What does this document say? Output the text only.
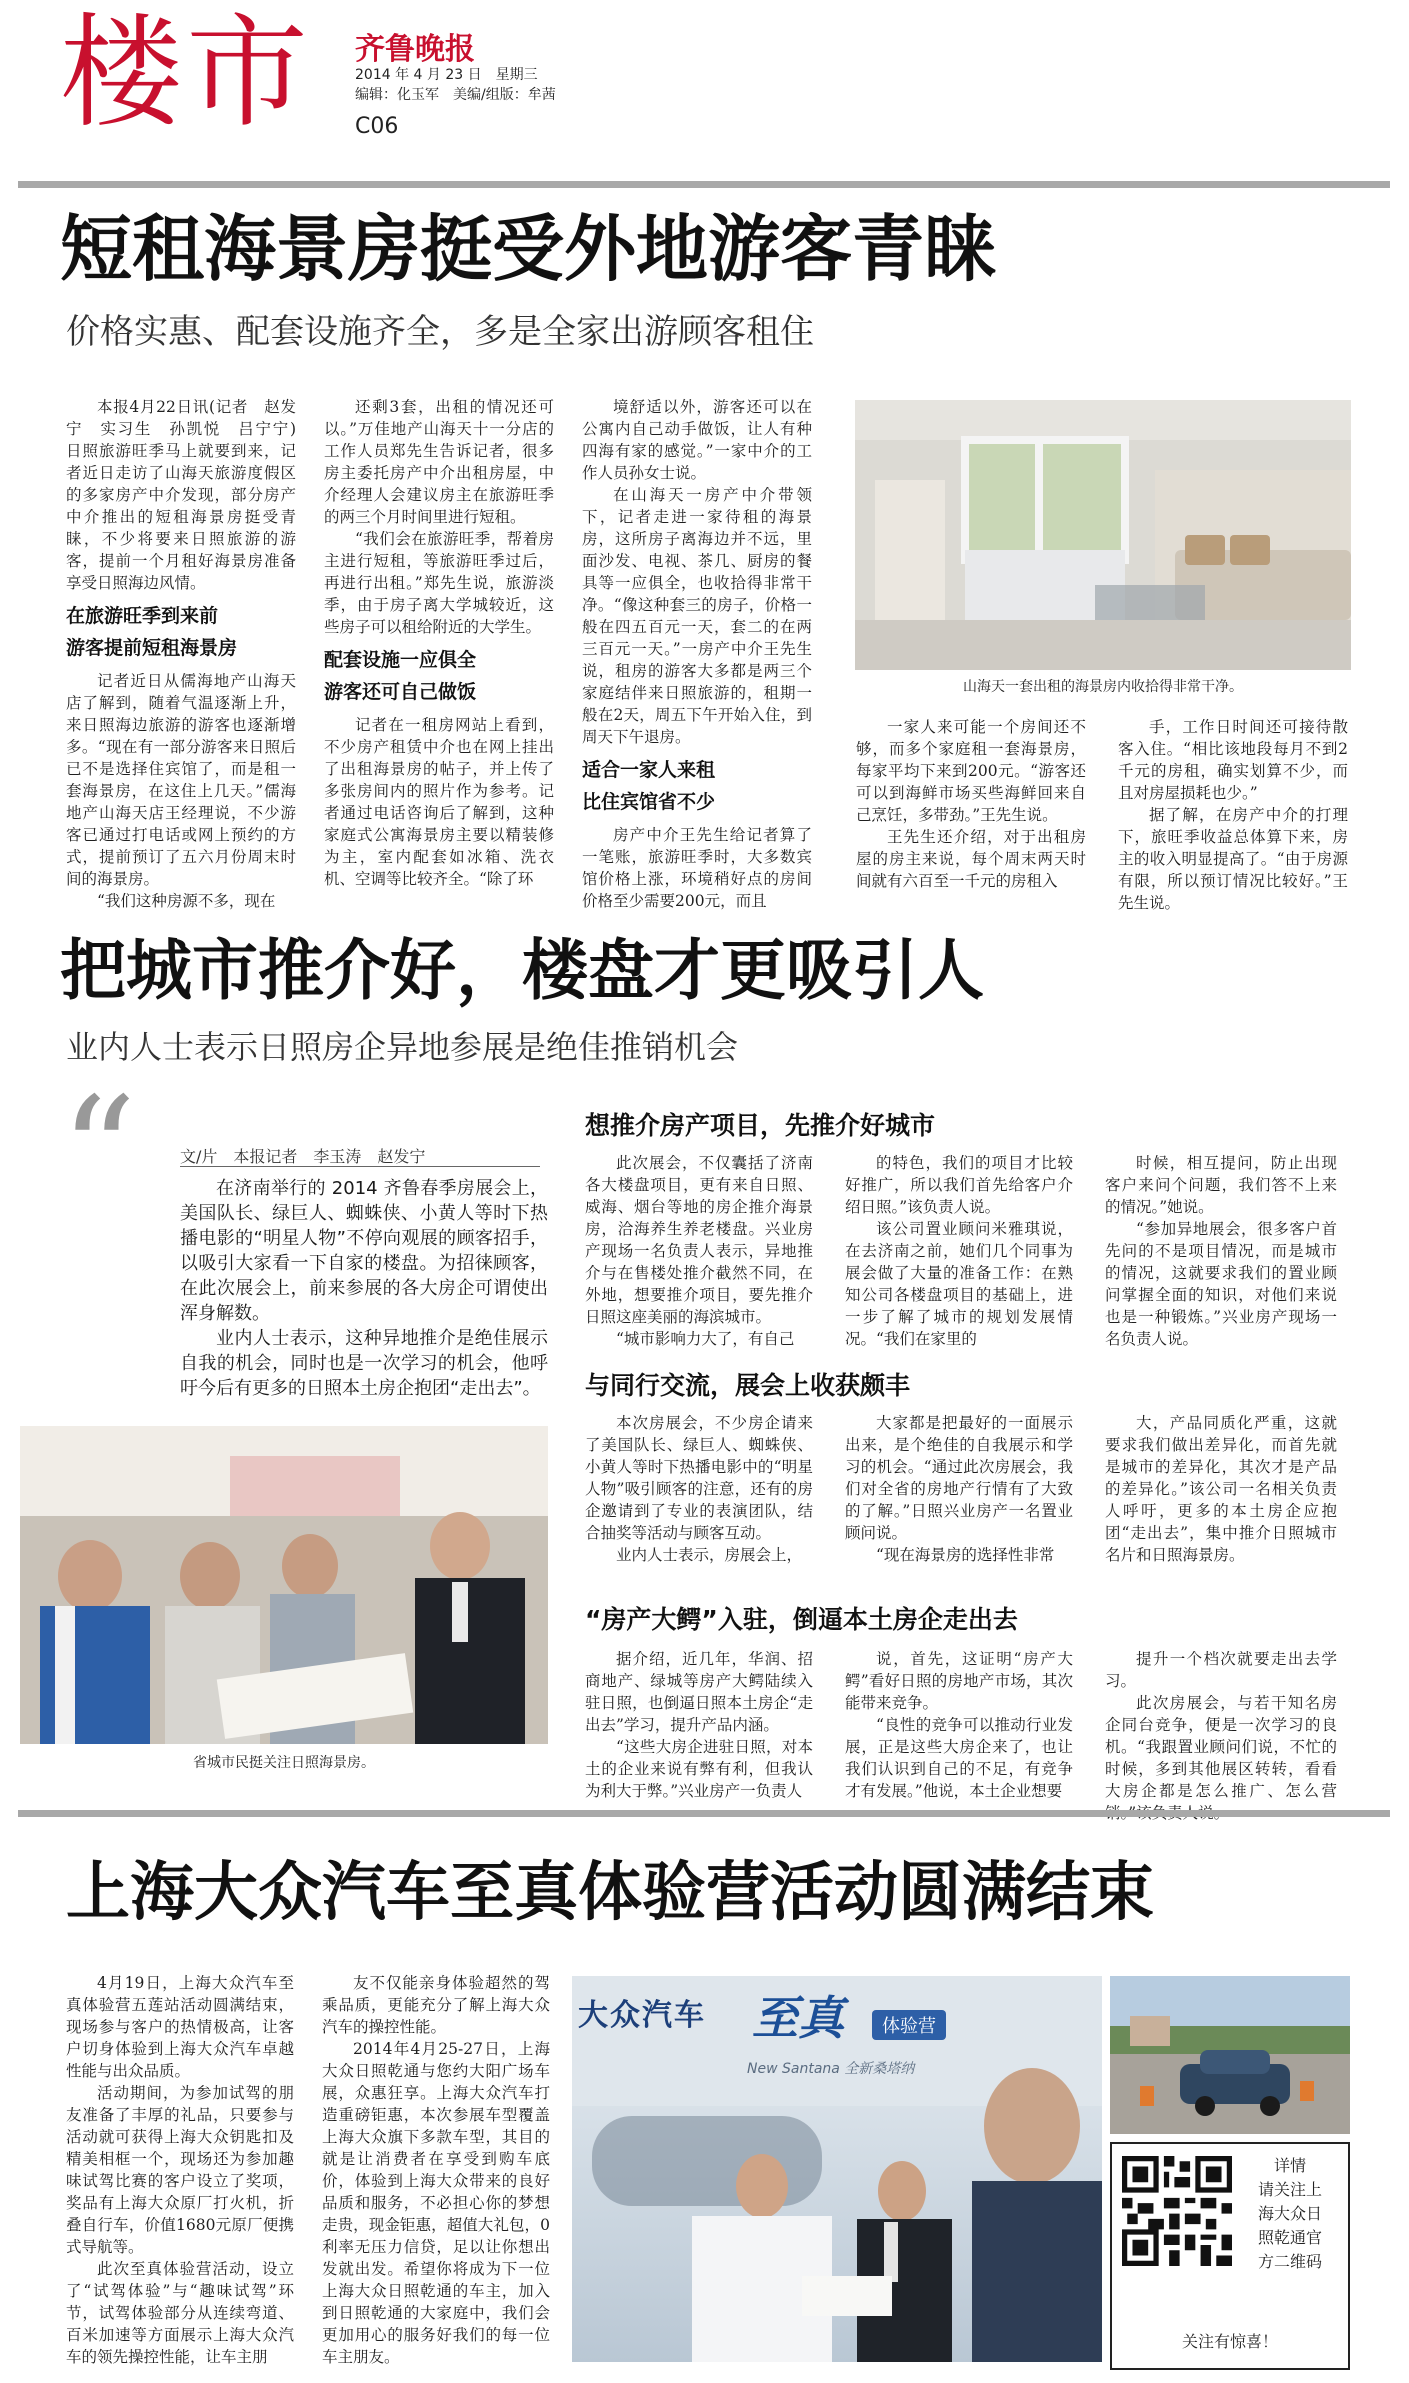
楼市 齐鲁晚报
2014 年 4 月 23 日　星期三
编辑：化玉军　美编/组版：牟茜
C06
短租海景房挺受外地游客青睐
价格实惠、配套设施齐全，多是全家出游顾客租住

本报4月22日讯(记者　赵发宁　实习生　孙凯悦　吕宁宁)　日照旅游旺季马上就要到来，记者近日走访了山海天旅游度假区的多家房产中介发现，部分房产中介推出的短租海景房挺受青睐，不少将要来日照旅游的游客，提前一个月租好海景房准备享受日照海边风情。

在旅游旺季到来前
游客提前短租海景房

记者近日从儒海地产山海天店了解到，随着气温逐渐上升，来日照海边旅游的游客也逐渐增多。“现在有一部分游客来日照后已不是选择住宾馆了，而是租一套海景房，在这住上几天。”儒海地产山海天店王经理说，不少游客已通过打电话或网上预约的方式，提前预订了五六月份周末时间的海景房。

“我们这种房源不多，现在

还剩3套，出租的情况还可以。”万佳地产山海天十一分店的工作人员郑先生告诉记者，很多房主委托房产中介出租房屋，中介经理人会建议房主在旅游旺季的两三个月时间里进行短租。

“我们会在旅游旺季，帮着房主进行短租，等旅游旺季过后，再进行出租。”郑先生说，旅游淡季，由于房子离大学城较近，这些房子可以租给附近的大学生。

配套设施一应俱全
游客还可自己做饭

记者在一租房网站上看到，不少房产租赁中介也在网上挂出了出租海景房的帖子，并上传了多张房间内的照片作为参考。记者通过电话咨询后了解到，这种家庭式公寓海景房主要以精装修为主，室内配套如冰箱、洗衣机、空调等比较齐全。“除了环

境舒适以外，游客还可以在公寓内自己动手做饭，让人有种四海有家的感觉。”一家中介的工作人员孙女士说。

在山海天一房产中介带领下，记者走进一家待租的海景房，这所房子离海边并不远，里面沙发、电视、茶几、厨房的餐具等一应俱全，也收拾得非常干净。“像这种套三的房子，价格一般在四五百元一天，套二的在两三百元一天。”一房产中介王先生说，租房的游客大多都是两三个家庭结伴来日照旅游的，租期一般在2天，周五下午开始入住，到周天下午退房。

适合一家人来租
比住宾馆省不少

房产中介王先生给记者算了一笔账，旅游旺季时，大多数宾馆价格上涨，环境稍好点的房间价格至少需要200元，而且

山海天一套出租的海景房内收拾得非常干净。

一家人来可能一个房间还不够，而多个家庭租一套海景房，每家平均下来到200元。“游客还可以到海鲜市场买些海鲜回来自己烹饪，多带劲。”王先生说。

王先生还介绍，对于出租房屋的房主来说，每个周末两天时间就有六百至一千元的房租入

手，工作日时间还可接待散客入住。“相比该地段每月不到2千元的房租，确实划算不少，而且对房屋损耗也少。”

据了解，在房产中介的打理下，旅旺季收益总体算下来，房主的收入明显提高了。“由于房源有限，所以预订情况比较好。”王先生说。

把城市推介好，楼盘才更吸引人
业内人士表示日照房企异地参展是绝佳推销机会
“	文/片　本报记者　李玉涛　赵发宁

在济南举行的 2014 齐鲁春季房展会上，美国队长、绿巨人、蜘蛛侠、小黄人等时下热播电影的“明星人物”不停向观展的顾客招手，以吸引大家看一下自家的楼盘。为招徕顾客，在此次展会上，前来参展的各大房企可谓使出浑身解数。

业内人士表示，这种异地推介是绝佳展示自我的机会，同时也是一次学习的机会，他呼吁今后有更多的日照本土房企抱团“走出去”。

省城市民挺关注日照海景房。
想推介房产项目，先推介好城市

此次展会，不仅囊括了济南各大楼盘项目，更有来自日照、威海、烟台等地的房企推介海景房，洽海养生养老楼盘。兴业房产现场一名负责人表示，异地推介与在售楼处推介截然不同，在外地，想要推介项目，要先推介日照这座美丽的海滨城市。

“城市影响力大了，有自己

的特色，我们的项目才比较好推广，所以我们首先给客户介绍日照。”该负责人说。

该公司置业顾问米雅琪说，在去济南之前，她们几个同事为展会做了大量的准备工作：在熟知公司各楼盘项目的基础上，进一步了解了城市的规划发展情况。“我们在家里的

时候，相互提问，防止出现客户来问个问题，我们答不上来的情况。”她说。

“参加异地展会，很多客户首先问的不是项目情况，而是城市的情况，这就要求我们的置业顾问掌握全面的知识，对他们来说也是一种锻炼。”兴业房产现场一名负责人说。

与同行交流，展会上收获颇丰

本次房展会，不少房企请来了美国队长、绿巨人、蜘蛛侠、小黄人等时下热播电影中的“明星人物”吸引顾客的注意，还有的房企邀请到了专业的表演团队，结合抽奖等活动与顾客互动。

业内人士表示，房展会上，

大家都是把最好的一面展示出来，是个绝佳的自我展示和学习的机会。“通过此次房展会，我们对全省的房地产行情有了大致的了解。”日照兴业房产一名置业顾问说。

“现在海景房的选择性非常

大，产品同质化严重，这就要求我们做出差异化，而首先就是城市的差异化，其次才是产品的差异化。”该公司一名相关负责人呼吁，更多的本土房企应抱团“走出去”，集中推介日照城市名片和日照海景房。

“房产大鳄”入驻，倒逼本土房企走出去

据介绍，近几年，华润、招商地产、绿城等房产大鳄陆续入驻日照，也倒逼日照本土房企“走出去”学习，提升产品内涵。

“这些大房企进驻日照，对本土的企业来说有弊有利，但我认为利大于弊。”兴业房产一负责人

说，首先，这证明“房产大鳄”看好日照的房地产市场，其次能带来竞争。

“良性的竞争可以推动行业发展，正是这些大房企来了，也让我们认识到自己的不足，有竞争才有发展。”他说，本土企业想要

提升一个档次就要走出去学习。

此次房展会，与若干知名房企同台竞争，便是一次学习的良机。“我跟置业顾问们说，不忙的时候，多到其他展区转转，看看大房企都是怎么推广、怎么营

上海大众汽车至真体验营活动圆满结束

4月19日，上海大众汽车至真体验营五莲站活动圆满结束，现场参与客户的热情极高，让客户切身体验到上海大众汽车卓越性能与出众品质。

活动期间，为参加试驾的朋友准备了丰厚的礼品，只要参与活动就可获得上海大众钥匙扣及精美相框一个，现场还为参加趣味试驾比赛的客户设立了奖项，奖品有上海大众原厂打火机，折叠自行车，价值1680元原厂便携式导航等。

此次至真体验营活动，设立了“试驾体验”与“趣味试驾”环节，试驾体验部分从连续弯道、百米加速等方面展示上海大众汽车的领先操控性能，让车主朋

友不仅能亲身体验超然的驾乘品质，更能充分了解上海大众汽车的操控性能。

2014年4月25-27日，上海大众日照乾通与您约大阳广场车展，众惠狂享。上海大众汽车打造重磅钜惠，本次参展车型覆盖上海大众旗下多款车型，其目的就是让消费者在享受到购车底价，体验到上海大众带来的良好品质和服务，不必担心你的梦想走贵，现金钜惠，超值大礼包，0利率无压力信贷，足以让你想出发就出发。希望你将成为下一位上海大众日照乾通的车主，加入到日照乾通的大家庭中，我们会更加用心的服务好我们的每一位车主朋友。

大众汽车 至真	体验营
New Santana 全新桑塔纳
详情
请关注上
海大众日
照乾通官
方二维码
关注有惊喜！
